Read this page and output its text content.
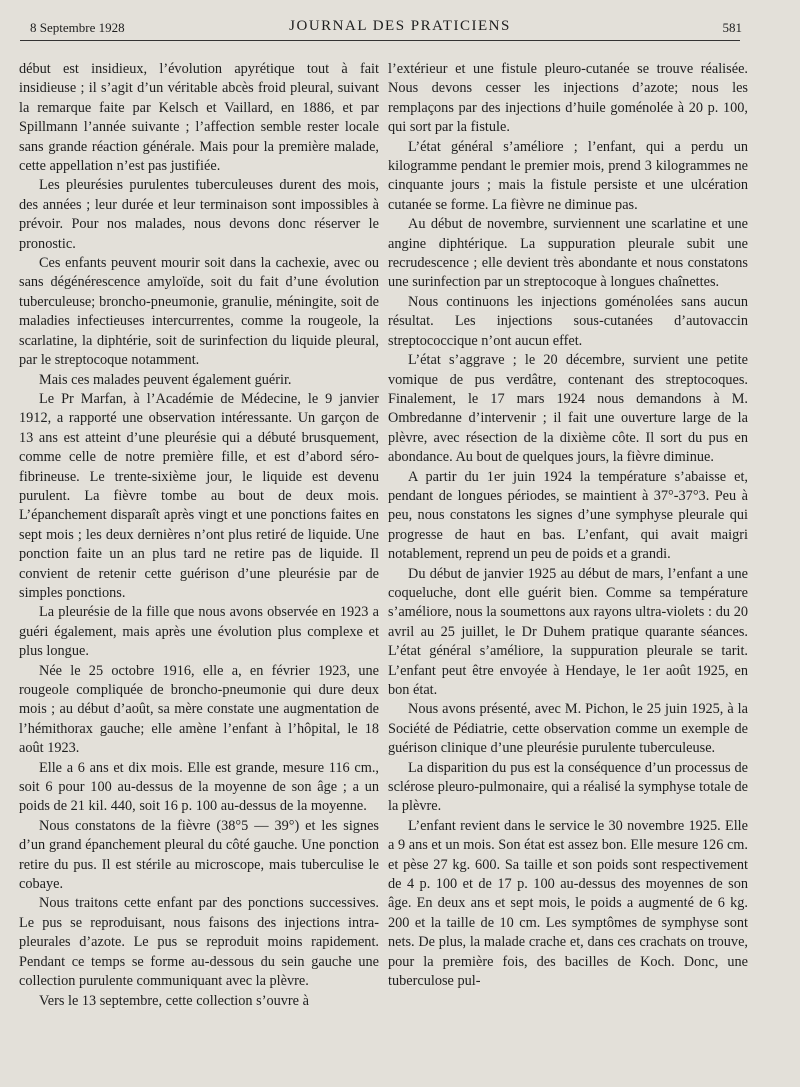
8 Septembre 1928	JOURNAL DES PRATICIENS	581

début est insidieux, l’évolution apyrétique tout à fait insidieuse ; il s’agit d’un véritable abcès froid pleural, suivant la remarque faite par Kelsch et Vaillard, en 1886, et par Spillmann l’année suivante ; l’affection semble rester locale sans grande réaction générale. Mais pour la première malade, cette appellation n’est pas justifiée.

Les pleurésies purulentes tuberculeuses durent des mois, des années ; leur durée et leur terminaison sont impossibles à prévoir. Pour nos malades, nous devons donc réserver le pronostic.

Ces enfants peuvent mourir soit dans la cachexie, avec ou sans dégénérescence amyloïde, soit du fait d’une évolution tuberculeuse; broncho-pneumonie, granulie, méningite, soit de maladies infectieuses intercurrentes, comme la rougeole, la scarlatine, la diphtérie, soit de surinfection du liquide pleural, par le streptocoque notamment.

Mais ces malades peuvent également guérir.

Le Pr Marfan, à l’Académie de Médecine, le 9 janvier 1912, a rapporté une observation intéressante. Un garçon de 13 ans est atteint d’une pleurésie qui a débuté brusquement, comme celle de notre première fille, et est d’abord séro-fibrineuse. Le trente-sixième jour, le liquide est devenu purulent. La fièvre tombe au bout de deux mois. L’épanchement disparaît après vingt et une ponctions faites en sept mois ; les deux dernières n’ont plus retiré de liquide. Une ponction faite un an plus tard ne retire pas de liquide. Il convient de retenir cette guérison d’une pleurésie par de simples ponctions.

La pleurésie de la fille que nous avons observée en 1923 a guéri également, mais après une évolution plus complexe et plus longue.

Née le 25 octobre 1916, elle a, en février 1923, une rougeole compliquée de broncho-pneumonie qui dure deux mois ; au début d’août, sa mère constate une augmentation de l’hémithorax gauche; elle amène l’enfant à l’hôpital, le 18 août 1923.

Elle a 6 ans et dix mois. Elle est grande, mesure 116 cm., soit 6 pour 100 au-dessus de la moyenne de son âge ; a un poids de 21 kil. 440, soit 16 p. 100 au-dessus de la moyenne.

Nous constatons de la fièvre (38°5 — 39°) et les signes d’un grand épanchement pleural du côté gauche. Une ponction retire du pus. Il est stérile au microscope, mais tuberculise le cobaye.

Nous traitons cette enfant par des ponctions successives. Le pus se reproduisant, nous faisons des injections intra-pleurales d’azote. Le pus se reproduit moins rapidement. Pendant ce temps se forme au-dessous du sein gauche une collection purulente communiquant avec la plèvre.

Vers le 13 septembre, cette collection s’ouvre à

l’extérieur et une fistule pleuro-cutanée se trouve réalisée. Nous devons cesser les injections d’azote; nous les remplaçons par des injections d’huile goménolée à 20 p. 100, qui sort par la fistule.

L’état général s’améliore ; l’enfant, qui a perdu un kilogramme pendant le premier mois, prend 3 kilogrammes ne cinquante jours ; mais la fistule persiste et une ulcération cutanée se forme. La fièvre ne diminue pas.

Au début de novembre, surviennent une scarlatine et une angine diphtérique. La suppuration pleurale subit une recrudescence ; elle devient très abondante et nous constatons une surinfection par un streptocoque à longues chaînettes.

Nous continuons les injections goménolées sans aucun résultat. Les injections sous-cutanées d’autovaccin streptococcique n’ont aucun effet.

L’état s’aggrave ; le 20 décembre, survient une petite vomique de pus verdâtre, contenant des streptocoques. Finalement, le 17 mars 1924 nous demandons à M. Ombredanne d’intervenir ; il fait une ouverture large de la plèvre, avec résection de la dixième côte. Il sort du pus en abondance. Au bout de quelques jours, la fièvre diminue.

A partir du 1er juin 1924 la température s’abaisse et, pendant de longues périodes, se maintient à 37°-37°3. Peu à peu, nous constatons les signes d’une symphyse pleurale qui progresse de haut en bas. L’enfant, qui avait maigri notablement, reprend un peu de poids et a grandi.

Du début de janvier 1925 au début de mars, l’enfant a une coqueluche, dont elle guérit bien. Comme sa température s’améliore, nous la soumettons aux rayons ultra-violets : du 20 avril au 25 juillet, le Dr Duhem pratique quarante séances. L’état général s’améliore, la suppuration pleurale se tarit. L’enfant peut être envoyée à Hendaye, le 1er août 1925, en bon état.

Nous avons présenté, avec M. Pichon, le 25 juin 1925, à la Société de Pédiatrie, cette observation comme un exemple de guérison clinique d’une pleurésie purulente tuberculeuse.

La disparition du pus est la conséquence d’un processus de sclérose pleuro-pulmonaire, qui a réalisé la symphyse totale de la plèvre.

L’enfant revient dans le service le 30 novembre 1925. Elle a 9 ans et un mois. Son état est assez bon. Elle mesure 126 cm. et pèse 27 kg. 600. Sa taille et son poids sont respectivement de 4 p. 100 et de 17 p. 100 au-dessus des moyennes de son âge. En deux ans et sept mois, le poids a augmenté de 6 kg. 200 et la taille de 10 cm. Les symptômes de symphyse sont nets. De plus, la malade crache et, dans ces crachats on trouve, pour la première fois, des bacilles de Koch. Donc, une tuberculose pul-
